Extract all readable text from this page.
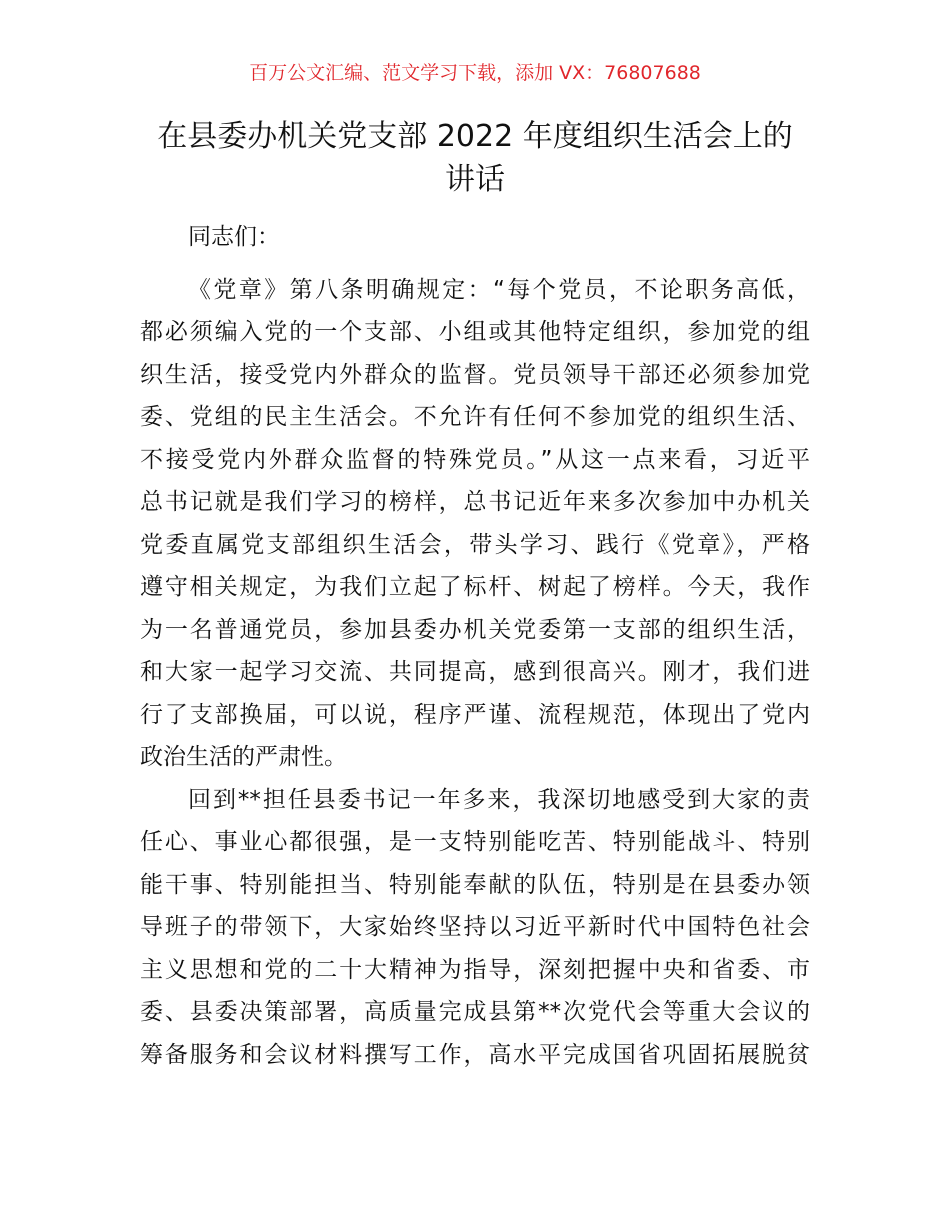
百万公文汇编、范文学习下载，添加 VX：76807688
在县委办机关党支部 2022 年度组织生活会上的
讲话
同志们：
《党章》第八条明确规定：“每个党员，不论职务高低，
都必须编入党的一个支部、小组或其他特定组织，参加党的组
织生活，接受党内外群众的监督。党员领导干部还必须参加党
委、党组的民主生活会。不允许有任何不参加党的组织生活、
不接受党内外群众监督的特殊党员。”从这一点来看，习近平
总书记就是我们学习的榜样，总书记近年来多次参加中办机关
党委直属党支部组织生活会，带头学习、践行《党章》，严格
遵守相关规定，为我们立起了标杆、树起了榜样。今天，我作
为一名普通党员，参加县委办机关党委第一支部的组织生活，
和大家一起学习交流、共同提高，感到很高兴。刚才，我们进
行了支部换届，可以说，程序严谨、流程规范，体现出了党内
政治生活的严肃性。
回到**担任县委书记一年多来，我深切地感受到大家的责
任心、事业心都很强，是一支特别能吃苦、特别能战斗、特别
能干事、特别能担当、特别能奉献的队伍，特别是在县委办领
导班子的带领下，大家始终坚持以习近平新时代中国特色社会
主义思想和党的二十大精神为指导，深刻把握中央和省委、市
委、县委决策部署，高质量完成县第**次党代会等重大会议的
筹备服务和会议材料撰写工作，高水平完成国省巩固拓展脱贫
